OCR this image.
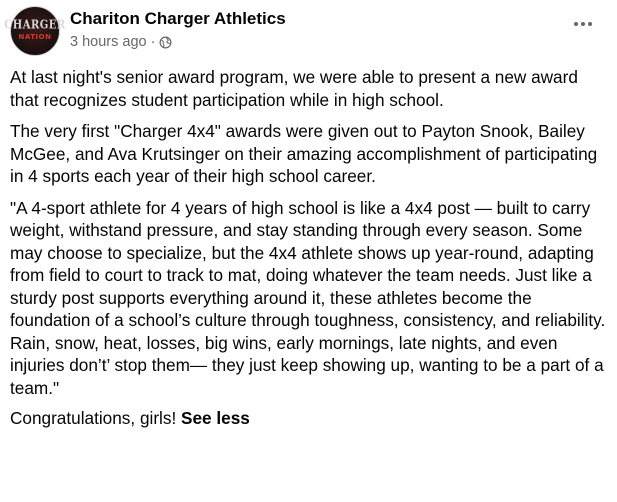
CHARGER
NATION
Chariton Charger Athletics
3 hours ago ·

At last night's senior award program, we were able to present a new award that recognizes student participation while in high school.

The very first "Charger 4x4" awards were given out to Payton Snook, Bailey McGee, and Ava Krutsinger on their amazing accomplishment of participating in 4 sports each year of their high school career.

"A 4-sport athlete for 4 years of high school is like a 4x4 post — built to carry weight, withstand pressure, and stay standing through every season. Some may choose to specialize, but the 4x4 athlete shows up year-round, adapting from field to court to track to mat, doing whatever the team needs. Just like a sturdy post supports everything around it, these athletes become the foundation of a school’s culture through toughness, consistency, and reliability.

Rain, snow, heat, losses, big wins, early mornings, late nights, and even injuries don’t’ stop them— they just keep showing up, wanting to be a part of a team."

Congratulations, girls! See less
